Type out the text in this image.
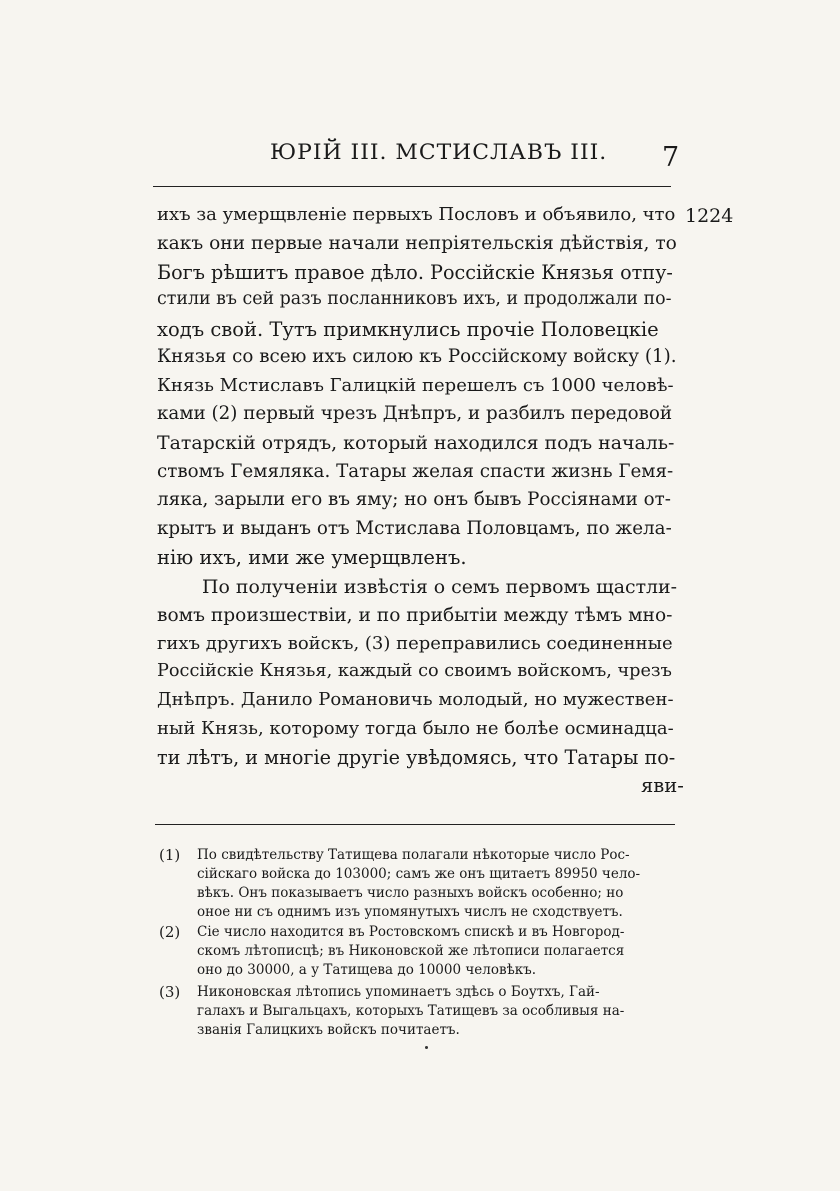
ЮРІЙ III. МСТИСЛАВЪ III. 7
1224
ихъ за умерщвленіе первыхъ Пословъ и объявило, что
какъ они первые начали непріятельскія дѣйствія, то
Богъ рѣшитъ правое дѣло. Россійскіе Князья отпу-
стили въ сей разъ посланниковъ ихъ, и продолжали по-
ходъ свой. Тутъ примкнулись прочіе Половецкіе
Князья со всею ихъ силою къ Россійскому войску (1).
Князь Мстиславъ Галицкій перешелъ съ 1000 человѣ-
ками (2) первый чрезъ Днѣпръ, и разбилъ передовой
Татарскій отрядъ, который находился подъ началь-
ствомъ Гемяляка. Татары желая спасти жизнь Гемя-
ляка, зарыли его въ яму; но онъ бывъ Россіянами от-
крытъ и выданъ отъ Мстислава Половцамъ, по жела-
нію ихъ, ими же умерщвленъ.
По полученіи извѣстія о семъ первомъ щастли-
вомъ произшествіи, и по прибытіи между тѣмъ мно-
гихъ другихъ войскъ, (3) переправились соединенные
Россійскіе Князья, каждый со своимъ войскомъ, чрезъ
Днѣпръ. Данило Романовичь молодый, но мужествен-
ный Князь, которому тогда было не болѣе осминадца-
ти лѣтъ, и многіе другіе увѣдомясь, что Татары по-
яви-
(1) По свидѣтельству Татищева полагали нѣкоторые число Рос-
сійскаго войска до 103000; самъ же онъ щитаетъ 89950 чело-
вѣкъ. Онъ показываетъ число разныхъ войскъ особенно; но
оное ни съ однимъ изъ упомянутыхъ числъ не сходствуетъ.
(2) Сіе число находится въ Ростовскомъ спискѣ и въ Новгород-
скомъ лѣтописцѣ; въ Никоновской же лѣтописи полагается
оно до 30000, а у Татищева до 10000 человѣкъ.
(3) Никоновская лѣтопись упоминаетъ здѣсь о Боутхъ, Гай-
галахъ и Выгальцахъ, которыхъ Татищевъ за особливыя на-
званія Галицкихъ войскъ почитаетъ.
